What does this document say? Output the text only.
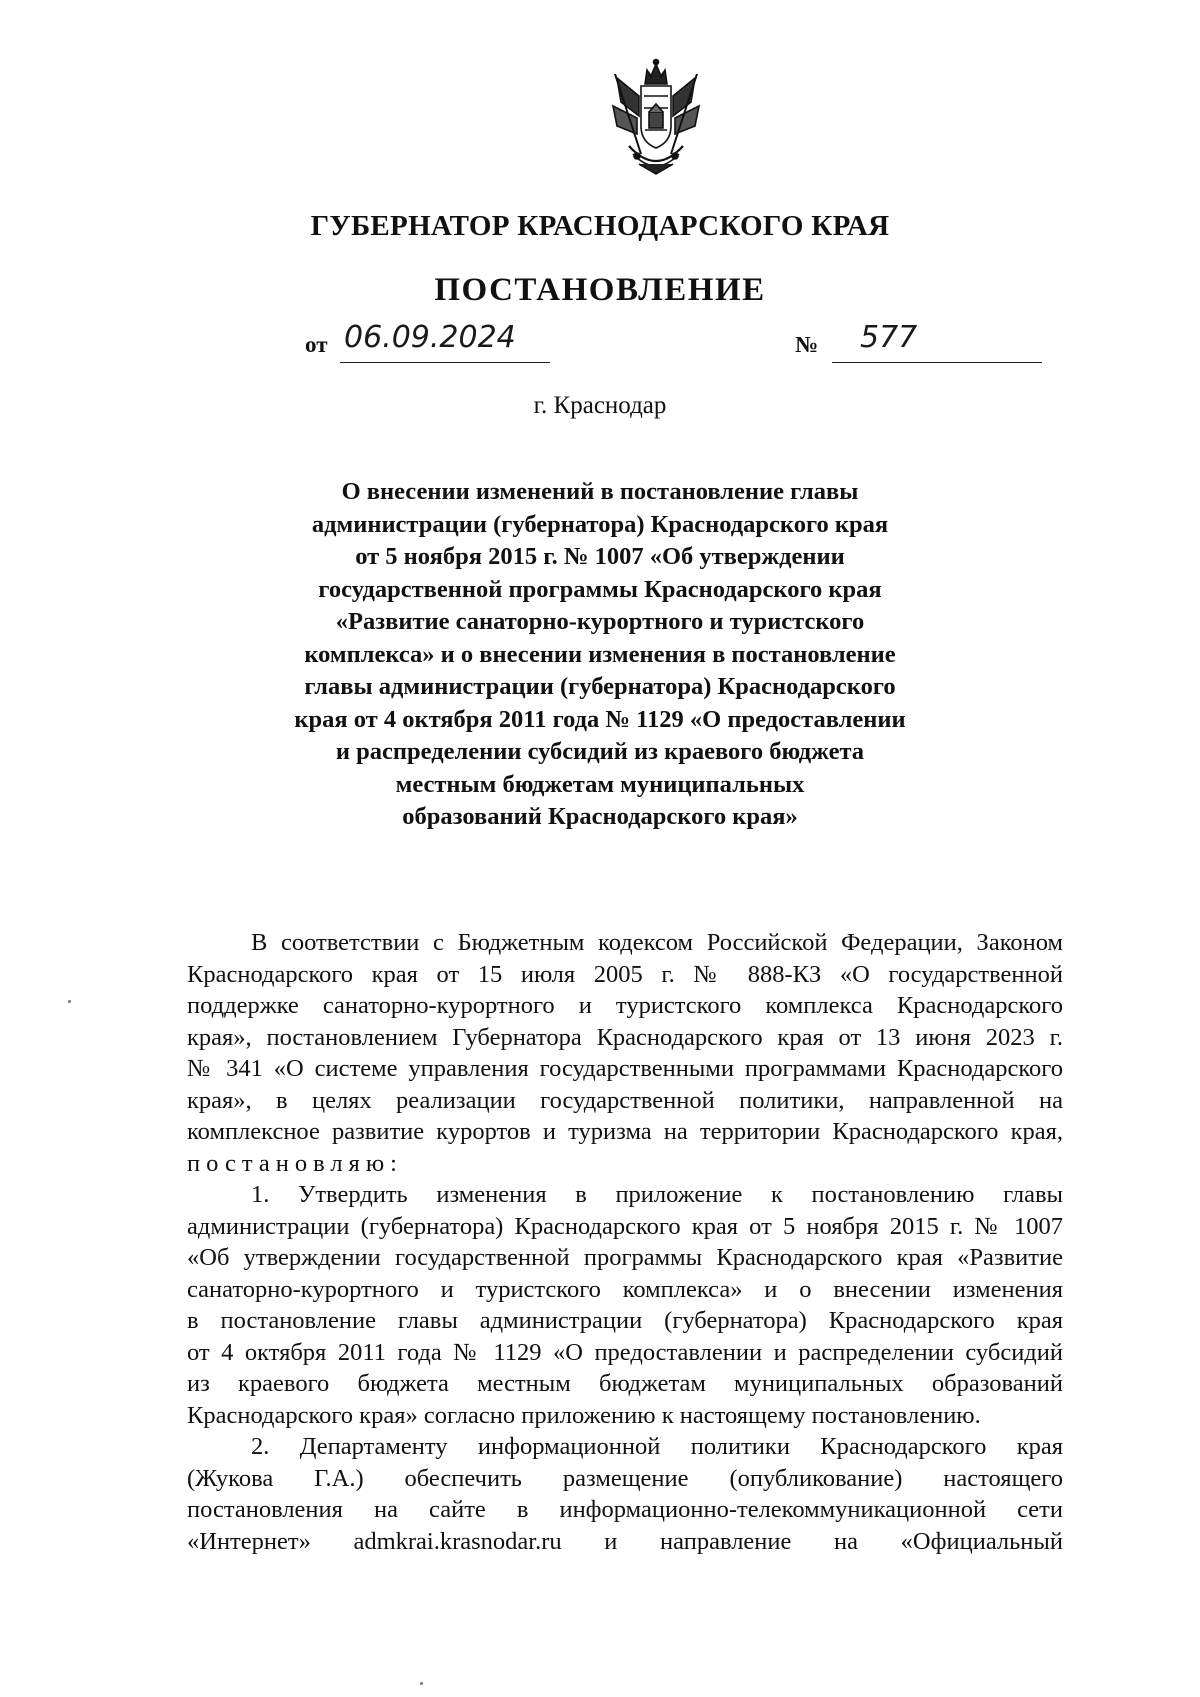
ГУБЕРНАТОР КРАСНОДАРСКОГО КРАЯ
ПОСТАНОВЛЕНИЕ
от 06.09.2024	№ 577
г. Краснодар
О внесении изменений в постановление главы
администрации (губернатора) Краснодарского края
от 5 ноября 2015 г. № 1007 «Об утверждении
государственной программы Краснодарского края
«Развитие санаторно-курортного и туристского
комплекса» и о внесении изменения в постановление
главы администрации (губернатора) Краснодарского
края от 4 октября 2011 года № 1129 «О предоставлении
и распределении субсидий из краевого бюджета
местным бюджетам муниципальных
образований Краснодарского края»
В соответствии с Бюджетным кодексом Российской Федерации, Законом
Краснодарского края от 15 июля 2005 г. № 888-КЗ «О государственной
поддержке санаторно-курортного и туристского комплекса Краснодарского
края», постановлением Губернатора Краснодарского края от 13 июня 2023 г.
№ 341 «О системе управления государственными программами Краснодарского
края», в целях реализации государственной политики, направленной на
комплексное развитие курортов и туризма на территории Краснодарского края,
постановляю:
1. Утвердить изменения в приложение к постановлению главы
администрации (губернатора) Краснодарского края от 5 ноября 2015 г. № 1007
«Об утверждении государственной программы Краснодарского края «Развитие
санаторно-курортного и туристского комплекса» и о внесении изменения
в постановление главы администрации (губернатора) Краснодарского края
от 4 октября 2011 года № 1129 «О предоставлении и распределении субсидий
из краевого бюджета местным бюджетам муниципальных образований
Краснодарского края» согласно приложению к настоящему постановлению.
2. Департаменту информационной политики Краснодарского края
(Жукова Г.А.) обеспечить размещение (опубликование) настоящего
постановления на сайте в информационно-телекоммуникационной сети
«Интернет» admkrai.krasnodar.ru и направление на «Официальный
